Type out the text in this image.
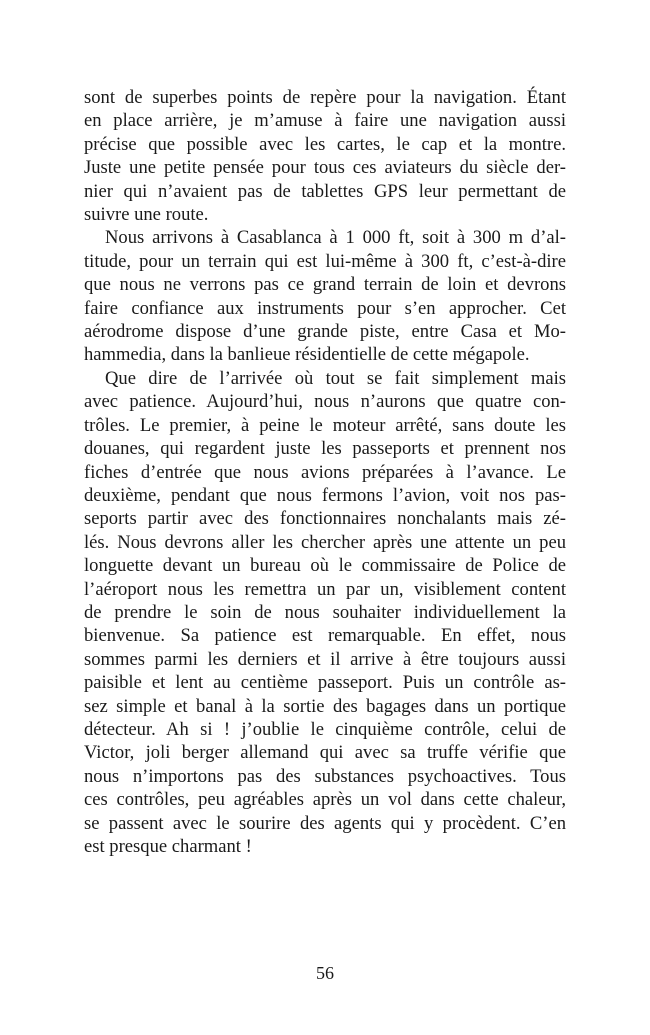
sont de superbes points de repère pour la navigation. Étant
en place arrière, je m’amuse à faire une navigation aussi
précise que possible avec les cartes, le cap et la montre.
Juste une petite pensée pour tous ces aviateurs du siècle der-
nier qui n’avaient pas de tablettes GPS leur permettant de
suivre une route.

Nous arrivons à Casablanca à 1 000 ft, soit à 300 m d’al-
titude, pour un terrain qui est lui-même à 300 ft, c’est-à-dire
que nous ne verrons pas ce grand terrain de loin et devrons
faire confiance aux instruments pour s’en approcher. Cet
aérodrome dispose d’une grande piste, entre Casa et Mo-
hammedia, dans la banlieue résidentielle de cette mégapole.

Que dire de l’arrivée où tout se fait simplement mais
avec patience. Aujourd’hui, nous n’aurons que quatre con-
trôles. Le premier, à peine le moteur arrêté, sans doute les
douanes, qui regardent juste les passeports et prennent nos
fiches d’entrée que nous avions préparées à l’avance. Le
deuxième, pendant que nous fermons l’avion, voit nos pas-
seports partir avec des fonctionnaires nonchalants mais zé-
lés. Nous devrons aller les chercher après une attente un peu
longuette devant un bureau où le commissaire de Police de
l’aéroport nous les remettra un par un, visiblement content
de prendre le soin de nous souhaiter individuellement la
bienvenue. Sa patience est remarquable. En effet, nous
sommes parmi les derniers et il arrive à être toujours aussi
paisible et lent au centième passeport. Puis un contrôle as-
sez simple et banal à la sortie des bagages dans un portique
détecteur. Ah si ! j’oublie le cinquième contrôle, celui de
Victor, joli berger allemand qui avec sa truffe vérifie que
nous n’importons pas des substances psychoactives. Tous
ces contrôles, peu agréables après un vol dans cette chaleur,
se passent avec le sourire des agents qui y procèdent. C’en
est presque charmant !

56
